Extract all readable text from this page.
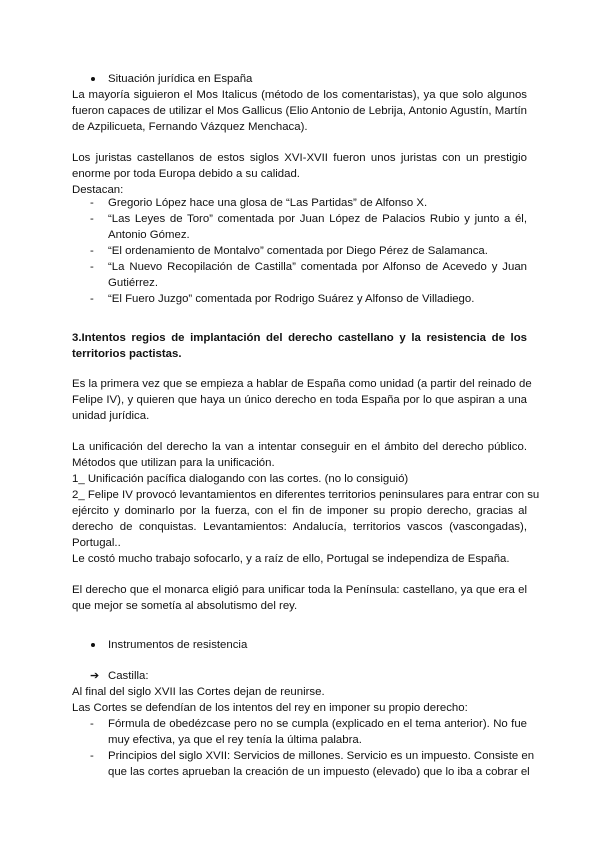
Situación jurídica en España
La mayoría siguieron el Mos Italicus (método de los comentaristas), ya que solo algunos
fueron capaces de utilizar el Mos Gallicus (Elio Antonio de Lebrija, Antonio Agustín, Martín
de Azpilicueta, Fernando Vázquez Menchaca).
Los juristas castellanos de estos siglos XVI-XVII fueron unos juristas con un prestigio
enorme por toda Europa debido a su calidad.
Destacan:
- Gregorio López hace una glosa de “Las Partidas” de Alfonso X.
- “Las Leyes de Toro” comentada por Juan López de Palacios Rubio y junto a él,
Antonio Gómez.
- “El ordenamiento de Montalvo” comentada por Diego Pérez de Salamanca.
- “La Nuevo Recopilación de Castilla” comentada por Alfonso de Acevedo y Juan
Gutiérrez.
- “El Fuero Juzgo” comentada por Rodrigo Suárez y Alfonso de Villadiego.
3.Intentos regios de implantación del derecho castellano y la resistencia de los
territorios pactistas.
Es la primera vez que se empieza a hablar de España como unidad (a partir del reinado de
Felipe IV), y quieren que haya un único derecho en toda España por lo que aspiran a una
unidad jurídica.
La unificación del derecho la van a intentar conseguir en el ámbito del derecho público.
Métodos que utilizan para la unificación.
1_ Unificación pacífica dialogando con las cortes. (no lo consiguió)
2_ Felipe IV provocó levantamientos en diferentes territorios peninsulares para entrar con su
ejército y dominarlo por la fuerza, con el fin de imponer su propio derecho, gracias al
derecho de conquistas. Levantamientos: Andalucía, territorios vascos (vascongadas),
Portugal..
Le costó mucho trabajo sofocarlo, y a raíz de ello, Portugal se independiza de España.
El derecho que el monarca eligió para unificar toda la Península: castellano, ya que era el
que mejor se sometía al absolutismo del rey.
Instrumentos de resistencia
➔ Castilla:
Al final del siglo XVII las Cortes dejan de reunirse.
Las Cortes se defendían de los intentos del rey en imponer su propio derecho:
- Fórmula de obedézcase pero no se cumpla (explicado en el tema anterior). No fue
muy efectiva, ya que el rey tenía la última palabra.
- Principios del siglo XVII: Servicios de millones. Servicio es un impuesto. Consiste en
que las cortes aprueban la creación de un impuesto (elevado) que lo iba a cobrar el
